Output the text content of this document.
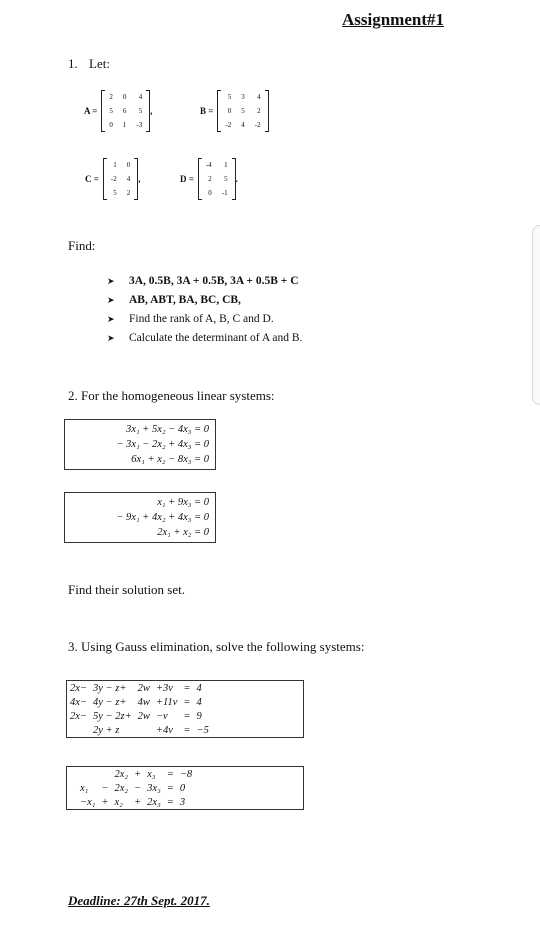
Assignment#1
1. Let:
A =
2	0	4
5	6	5
0	1	-3
,	B =
5	3	4
0	5	2
-2	4	-2
C =
1	0
-2	4
5	2
,	D =
-4	1
2	5
0	-1
.
Find:
➤	3A, 0.5B, 3A + 0.5B, 3A + 0.5B + C
➤	AB, ABT, BA, BC, CB,
➤	Find the rank of A, B, C and D.
➤	Calculate the determinant of A and B.
2. For the homogeneous linear systems:
3x₁ + 5x₂ − 4x₃ = 0
− 3x₁ − 2x₂ + 4x₃ = 0
6x₁ + x₂ − 8x₃ = 0
x₁ + 9x₃ = 0
− 9x₁ + 4x₂ + 4x₃ = 0
2x₁ + x₂ = 0
Find their solution set.
3. Using Gauss elimination, solve the following systems:
2x−	3y − z+	2w	+3v	=	4
4x−	4y − z+	4w	+11v	=	4
2x−	5y − 2z+	2w	−v	=	9
	2y + z		+4v	=	−5
		2x₂	+	x₃	=	−8
x₁	−	2x₂	−	3x₃	=	0
−x₁	+	x₂	+	2x₃	=	3
Deadline: 27th Sept. 2017.
